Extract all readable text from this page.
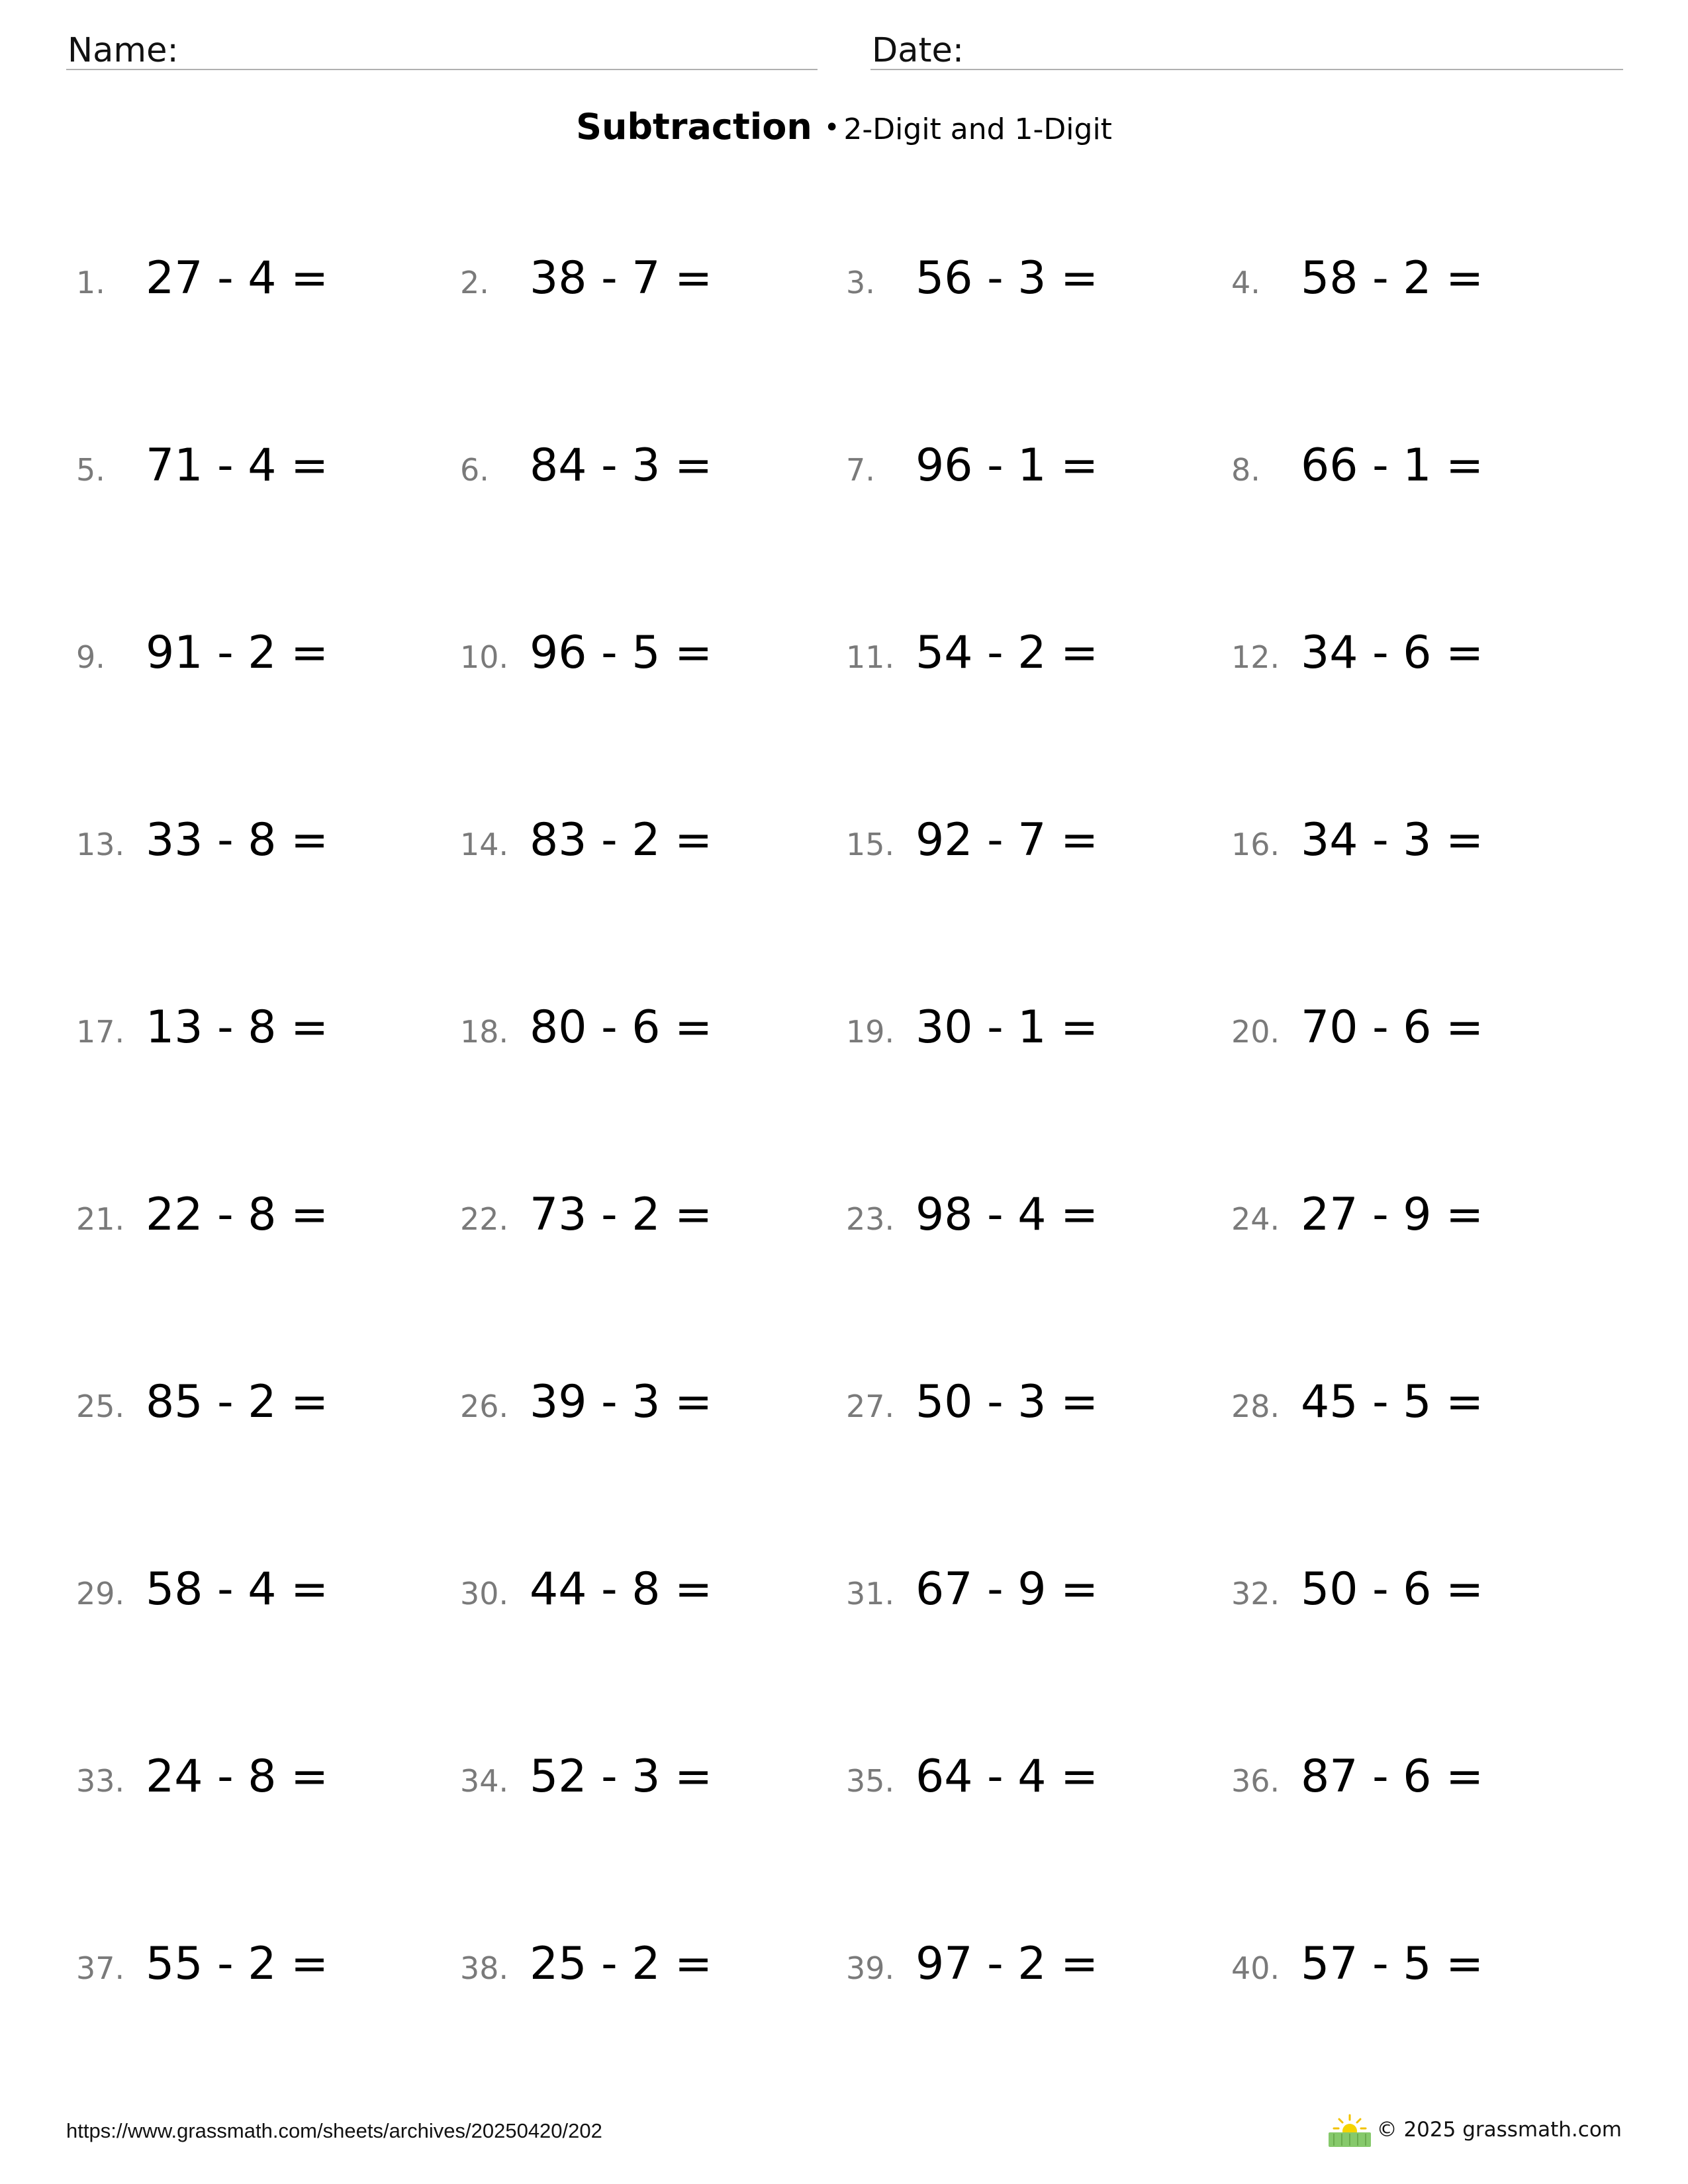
Name:	Date:
Subtraction • 2-Digit and 1-Digit
1. 27 - 4 =	2. 38 - 7 =	3. 56 - 3 =	4. 58 - 2 =
5. 71 - 4 =	6. 84 - 3 =	7. 96 - 1 =	8. 66 - 1 =
9. 91 - 2 =	10. 96 - 5 =	11. 54 - 2 =	12. 34 - 6 =
13. 33 - 8 =	14. 83 - 2 =	15. 92 - 7 =	16. 34 - 3 =
17. 13 - 8 =	18. 80 - 6 =	19. 30 - 1 =	20. 70 - 6 =
21. 22 - 8 =	22. 73 - 2 =	23. 98 - 4 =	24. 27 - 9 =
25. 85 - 2 =	26. 39 - 3 =	27. 50 - 3 =	28. 45 - 5 =
29. 58 - 4 =	30. 44 - 8 =	31. 67 - 9 =	32. 50 - 6 =
33. 24 - 8 =	34. 52 - 3 =	35. 64 - 4 =	36. 87 - 6 =
37. 55 - 2 =	38. 25 - 2 =	39. 97 - 2 =	40. 57 - 5 =
https://www.grassmath.com/sheets/archives/20250420/202	© 2025 grassmath.com
